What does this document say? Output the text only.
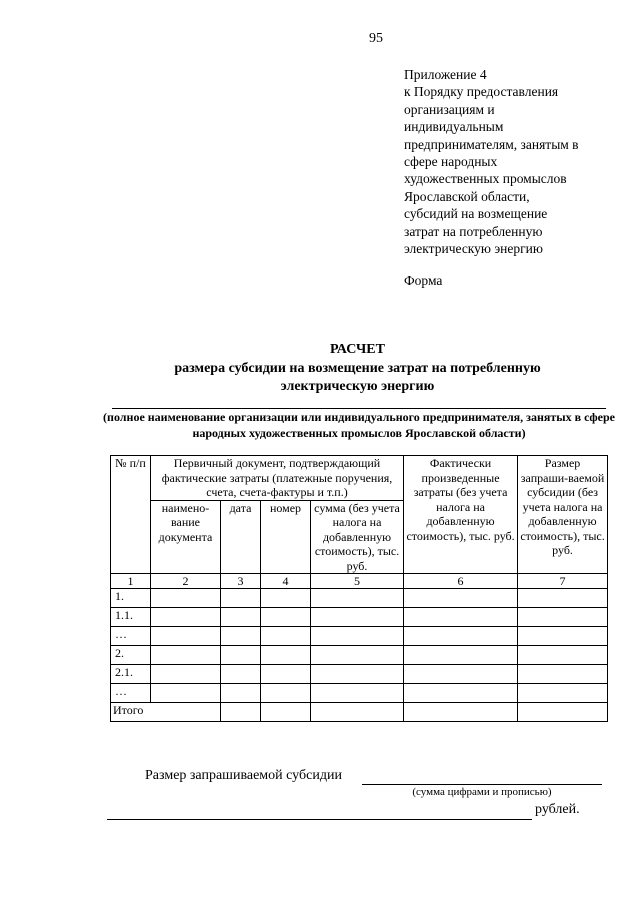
95
Приложение 4
к Порядку предоставления
организациям и
индивидуальным
предпринимателям, занятым в
сфере народных
художественных промыслов
Ярославской области,
субсидий на возмещение
затрат на потребленную
электрическую энергию
Форма
РАСЧЕТ
размера субсидии на возмещение затрат на потребленную электрическую энергию
(полное наименование организации или индивидуального предпринимателя, занятых в сфере народных художественных промыслов Ярославской области)
№ п/п	Первичный документ, подтверждающий фактические затраты (платежные поручения, счета, счета-фактуры и т.п.)				Фактически произведенные затраты (без учета налога на добавленную стоимость), тыс. руб.	Размер запраши-ваемой субсидии (без учета налога на добавленную стоимость), тыс. руб.
	наимено-вание документа	дата	номер	сумма (без учета налога на добавленную стоимость), тыс. руб.		
1	2	3	4	5	6	7
1.						
1.1.						
…						
2.						
2.1.						
…						
Итого						
Размер запрашиваемой субсидии
(сумма цифрами и прописью)
рублей.
